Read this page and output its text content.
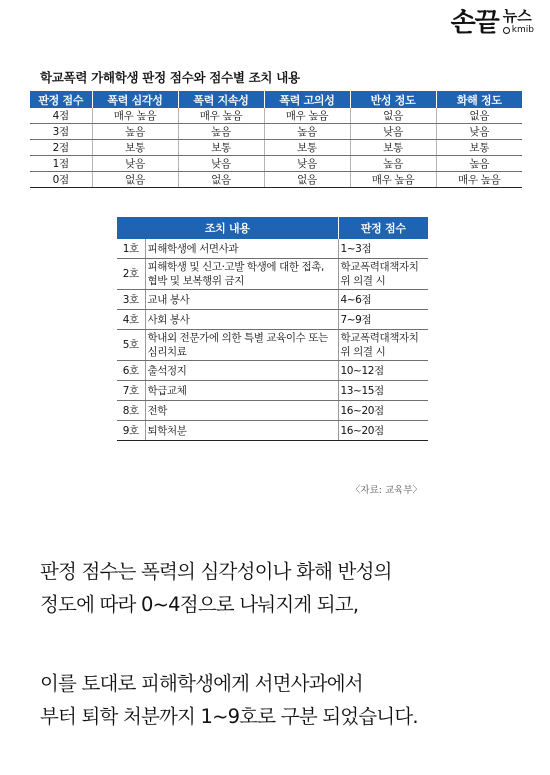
손끝 뉴스
kmib
학교폭력 가해학생 판정 점수와 점수별 조치 내용
판정 점수	폭력 심각성	폭력 지속성	폭력 고의성	반성 정도	화해 정도
4점	매우 높음	매우 높음	매우 높음	없음	없음
3점	높음	높음	높음	낮음	낮음
2점	보통	보통	보통	보통	보통
1점	낮음	낮음	낮음	높음	높음
0점	없음	없음	없음	매우 높음	매우 높음
조치 내용		판정 점수
1호	피해학생에 서면사과	1~3점
2호	피해학생 및 신고·고발 학생에 대한 접촉, 협박 및 보복행위 금지	학교폭력대책자치위 의결 시
3호	교내 봉사	4~6점
4호	사회 봉사	7~9점
5호	학내외 전문가에 의한 특별 교육이수 또는 심리치료	학교폭력대책자치위 의결 시
6호	출석정지	10~12점
7호	학급교체	13~15점
8호	전학	16~20점
9호	퇴학처분	16~20점
〈자료: 교육부〉
판정 점수는 폭력의 심각성이나 화해 반성의
정도에 따라 0~4점으로 나눠지게 되고,
이를 토대로 피해학생에게 서면사과에서
부터 퇴학 처분까지 1~9호로 구분 되었습니다.
